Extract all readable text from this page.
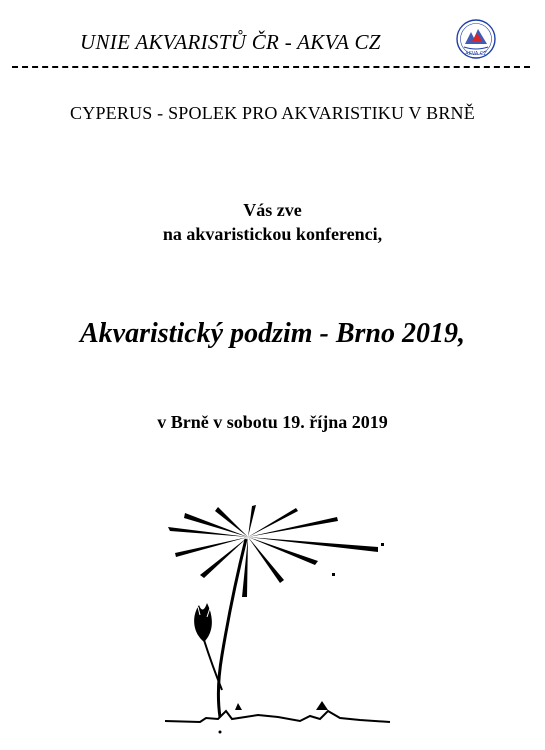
UNIE AKVARISTŮ ČR - AKVA CZ	AKVA CZ
CYPERUS - SPOLEK PRO AKVARISTIKU V BRNĚ
Vás zve
na akvaristickou konferenci,
Akvaristický podzim - Brno 2019,
v Brně v sobotu 19. října 2019
